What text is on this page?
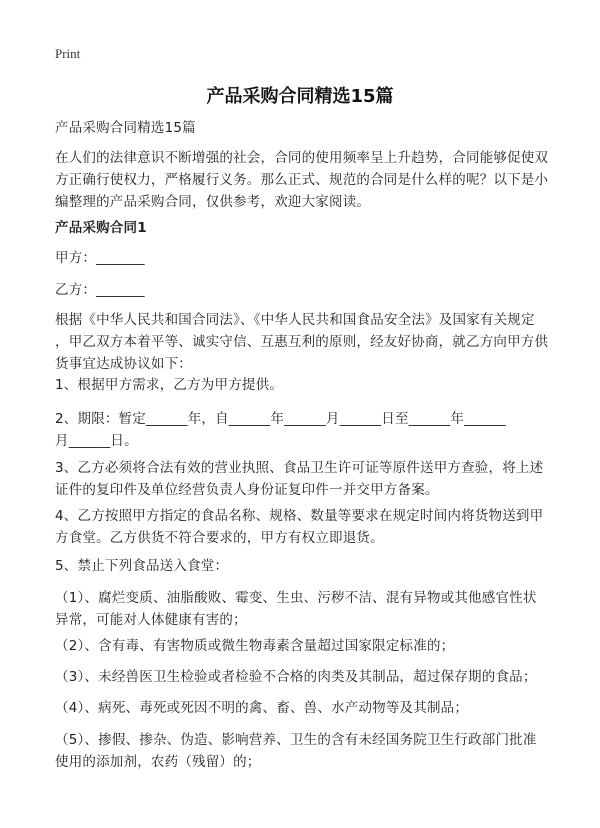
Print
产品采购合同精选15篇
产品采购合同精选15篇
在人们的法律意识不断增强的社会，合同的使用频率呈上升趋势，合同能够促使双
方正确行使权力，严格履行义务。那么正式、规范的合同是什么样的呢？以下是小
编整理的产品采购合同，仅供参考，欢迎大家阅读。
产品采购合同1
甲方：_______
乙方：_______
根据《中华人民共和国合同法》、《中华人民共和国食品安全法》及国家有关规定
，甲乙双方本着平等、诚实守信、互惠互利的原则，经友好协商，就乙方向甲方供
货事宜达成协议如下：
1、根据甲方需求，乙方为甲方提供。
2、期限：暂定______年，自______年______月______日至______年______
月______日。
3、乙方必须将合法有效的营业执照、食品卫生许可证等原件送甲方查验，将上述
证件的复印件及单位经营负责人身份证复印件一并交甲方备案。
4、乙方按照甲方指定的食品名称、规格、数量等要求在规定时间内将货物送到甲
方食堂。乙方供货不符合要求的，甲方有权立即退货。
5、禁止下列食品送入食堂：
（1）、腐烂变质、油脂酸败、霉变、生虫、污秽不洁、混有异物或其他感官性状
异常，可能对人体健康有害的；
（2）、含有毒、有害物质或微生物毒素含量超过国家限定标准的；
（3）、未经兽医卫生检验或者检验不合格的肉类及其制品，超过保存期的食品；
（4）、病死、毒死或死因不明的禽、畜、兽、水产动物等及其制品；
（5）、掺假、掺杂、伪造、影响营养、卫生的含有未经国务院卫生行政部门批准
使用的添加剂，农药（残留）的；
